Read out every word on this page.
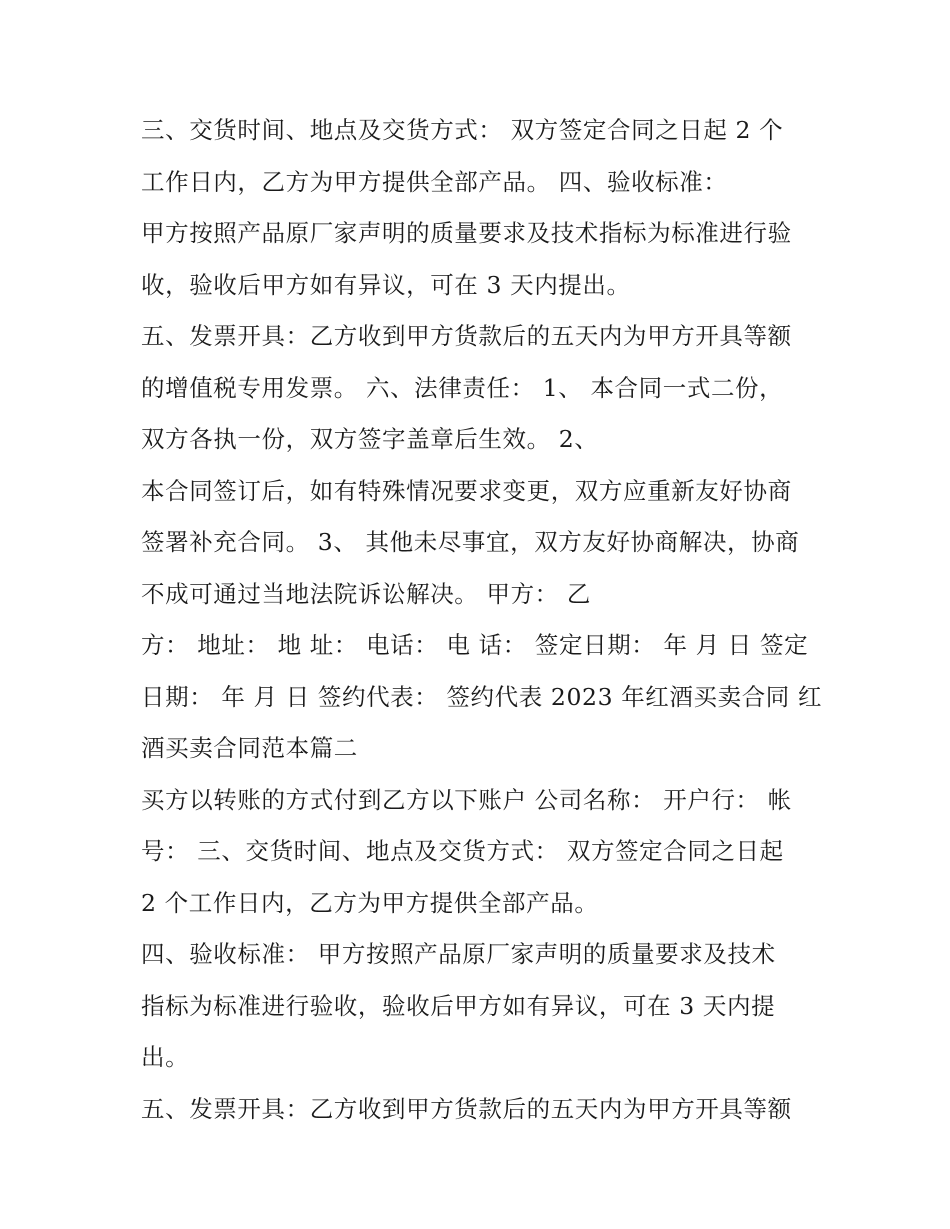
三、交货时间、地点及交货方式： 双方签定合同之日起 2 个
工作日内，乙方为甲方提供全部产品。 四、验收标准：
甲方按照产品原厂家声明的质量要求及技术指标为标准进行验
收，验收后甲方如有异议，可在 3 天内提出。
五、发票开具：乙方收到甲方货款后的五天内为甲方开具等额
的增值税专用发票。 六、法律责任： 1、 本合同一式二份，
双方各执一份，双方签字盖章后生效。 2、
本合同签订后，如有特殊情况要求变更，双方应重新友好协商
签署补充合同。 3、 其他未尽事宜，双方友好协商解决，协商
不成可通过当地法院诉讼解决。 甲方： 乙
方： 地址： 地 址： 电话： 电 话： 签定日期： 年 月 日 签定
日期： 年 月 日 签约代表： 签约代表 2023 年红酒买卖合同 红
酒买卖合同范本篇二
买方以转账的方式付到乙方以下账户 公司名称： 开户行： 帐
号： 三、交货时间、地点及交货方式： 双方签定合同之日起
2 个工作日内，乙方为甲方提供全部产品。
四、验收标准： 甲方按照产品原厂家声明的质量要求及技术
指标为标准进行验收，验收后甲方如有异议，可在 3 天内提
出。
五、发票开具：乙方收到甲方货款后的五天内为甲方开具等额
